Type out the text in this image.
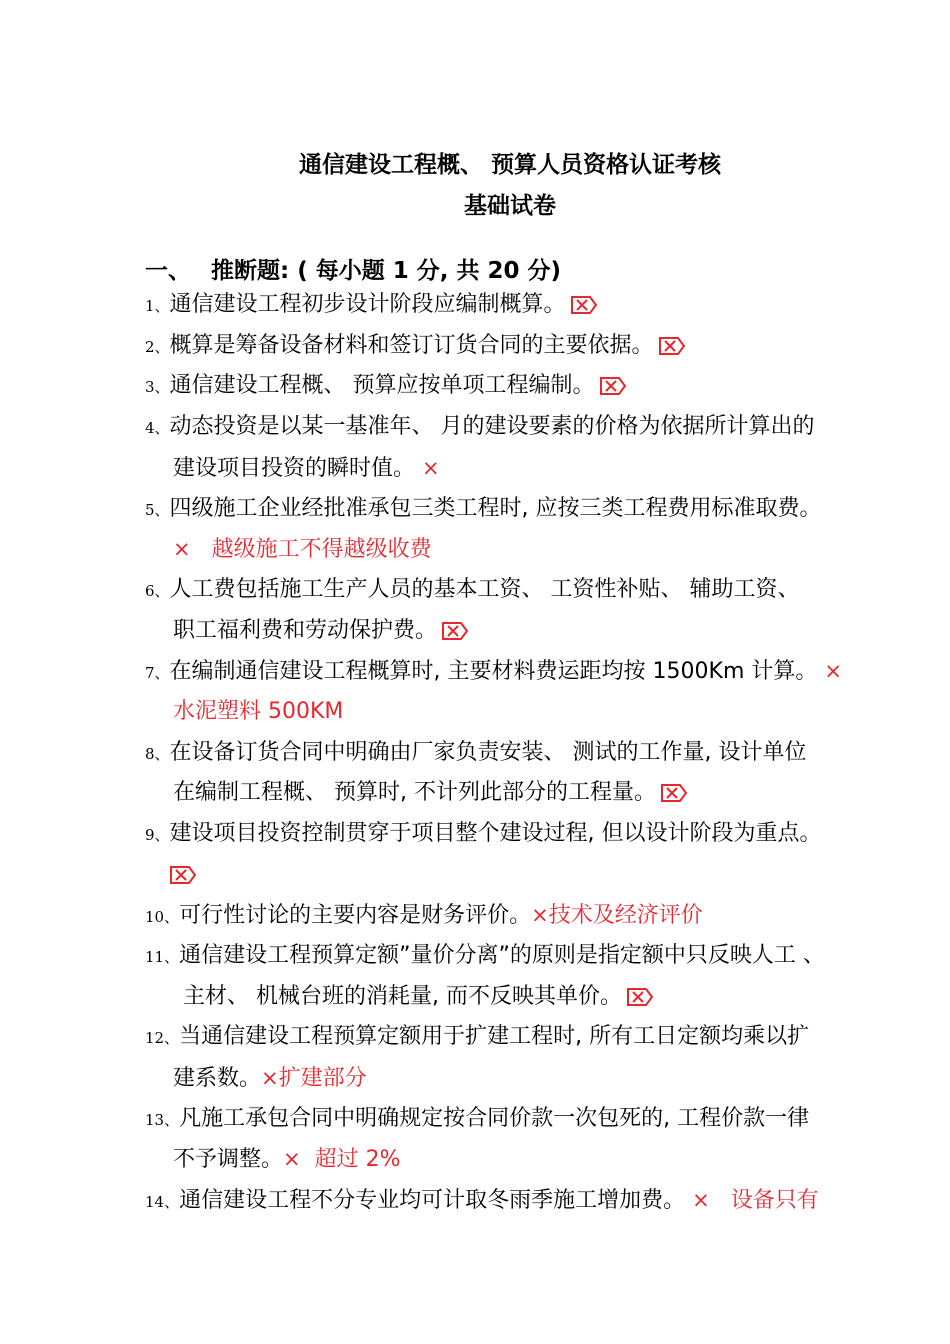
通信建设工程概、 预算人员资格认证考核
基础试卷
一、 推断题: ( 每小题 1 分, 共 20 分)
1、通信建设工程初步设计阶段应编制概算。
2、概算是筹备设备材料和签订订货合同的主要依据。
3、通信建设工程概、 预算应按单项工程编制。
4、动态投资是以某一基准年、 月的建设要素的价格为依据所计算出的
建设项目投资的瞬时值。 ×
5、四级施工企业经批准承包三类工程时, 应按三类工程费用标准取费。
× 越级施工不得越级收费
6、人工费包括施工生产人员的基本工资、 工资性补贴、 辅助工资、
职工福利费和劳动保护费。
7、在编制通信建设工程概算时, 主要材料费运距均按 1500Km 计算。 ×
水泥塑料 500KM
8、在设备订货合同中明确由厂家负责安装、 测试的工作量, 设计单位
在编制工程概、 预算时, 不计列此部分的工程量。
9、建设项目投资控制贯穿于项目整个建设过程, 但以设计阶段为重点。
10、可行性讨论的主要内容是财务评价。×技术及经济评价
11、通信建设工程预算定额”量价分离”的原则是指定额中只反映人工 、
主材、 机械台班的消耗量, 而不反映其单价。
12、当通信建设工程预算定额用于扩建工程时, 所有工日定额均乘以扩
建系数。×扩建部分
13、凡施工承包合同中明确规定按合同价款一次包死的, 工程价款一律
不予调整。× 超过 2%
14、通信建设工程不分专业均可计取冬雨季施工增加费。 × 设备只有
